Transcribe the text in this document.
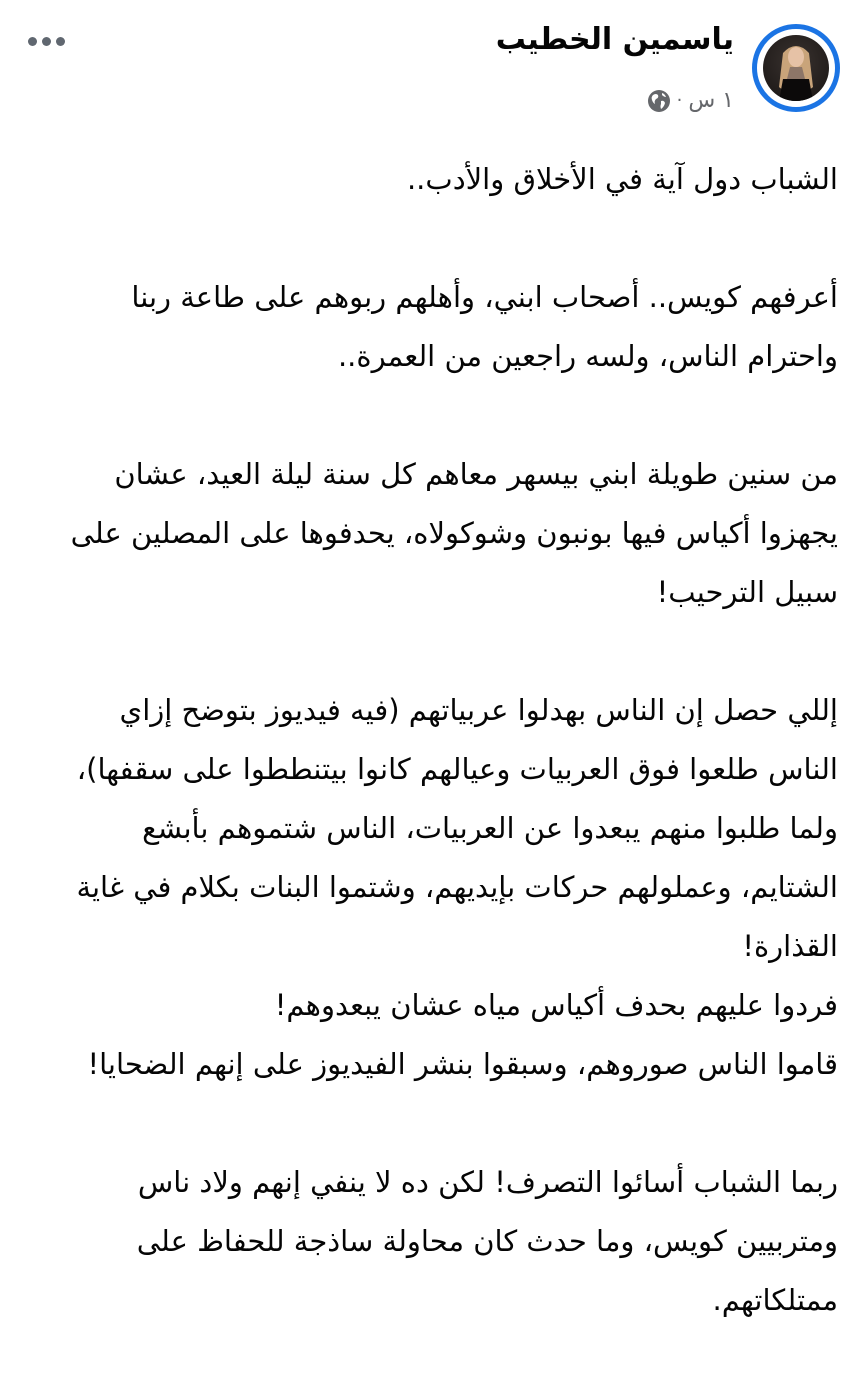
ياسمين الخطيب
١ س
·
الشباب دول آية في الأخلاق والأدب..
أعرفهم كويس.. أصحاب ابني، وأهلهم ربوهم على طاعة ربنا
واحترام الناس، ولسه راجعين من العمرة..
من سنين طويلة ابني بيسهر معاهم كل سنة ليلة العيد، عشان
يجهزوا أكياس فيها بونبون وشوكولاه، يحدفوها على المصلين على
سبيل الترحيب!
إللي حصل إن الناس بهدلوا عربياتهم (فيه فيديوز بتوضح إزاي
الناس طلعوا فوق العربيات وعيالهم كانوا بيتنططوا على سقفها)،
ولما طلبوا منهم يبعدوا عن العربيات، الناس شتموهم بأبشع
الشتايم، وعملولهم حركات بإيديهم، وشتموا البنات بكلام في غاية
القذارة!
فردوا عليهم بحدف أكياس مياه عشان يبعدوهم!
قاموا الناس صوروهم، وسبقوا بنشر الفيديوز على إنهم الضحايا!
ربما الشباب أسائوا التصرف! لكن ده لا ينفي إنهم ولاد ناس
ومتربيين كويس، وما حدث كان محاولة ساذجة للحفاظ على
ممتلكاتهم.
